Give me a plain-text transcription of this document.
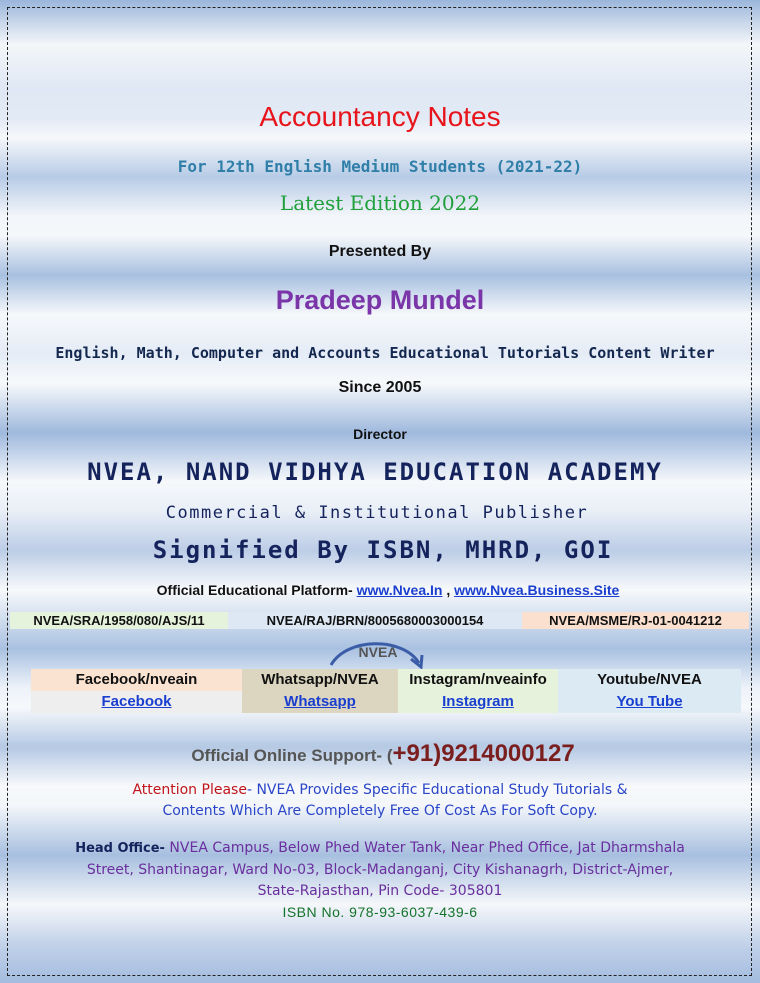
Accountancy Notes
For 12th English Medium Students (2021-22)
Latest Edition 2022
Presented By
Pradeep Mundel
English, Math, Computer and Accounts Educational Tutorials Content Writer
Since 2005
Director
NVEA, NAND VIDHYA EDUCATION ACADEMY
Commercial & Institutional Publisher
Signified By ISBN, MHRD, GOI
Official Educational Platform- www.Nvea.In , www.Nvea.Business.Site
NVEA/SRA/1958/080/AJS/11	NVEA/RAJ/BRN/8005680003000154	NVEA/MSME/RJ-01-0041212
NVEA
Facebook/nveain
Facebook
Whatsapp/NVEA
Whatsapp
Instagram/nveainfo
Instagram
Youtube/NVEA
You Tube
Official Online Support- (+91)9214000127
Attention Please- NVEA Provides Specific Educational Study Tutorials &
Contents Which Are Completely Free Of Cost As For Soft Copy.
Head Office- NVEA Campus, Below Phed Water Tank, Near Phed Office, Jat Dharmshala
Street, Shantinagar, Ward No-03, Block-Madanganj, City Kishanagrh, District-Ajmer,
State-Rajasthan, Pin Code- 305801
ISBN No. 978-93-6037-439-6
